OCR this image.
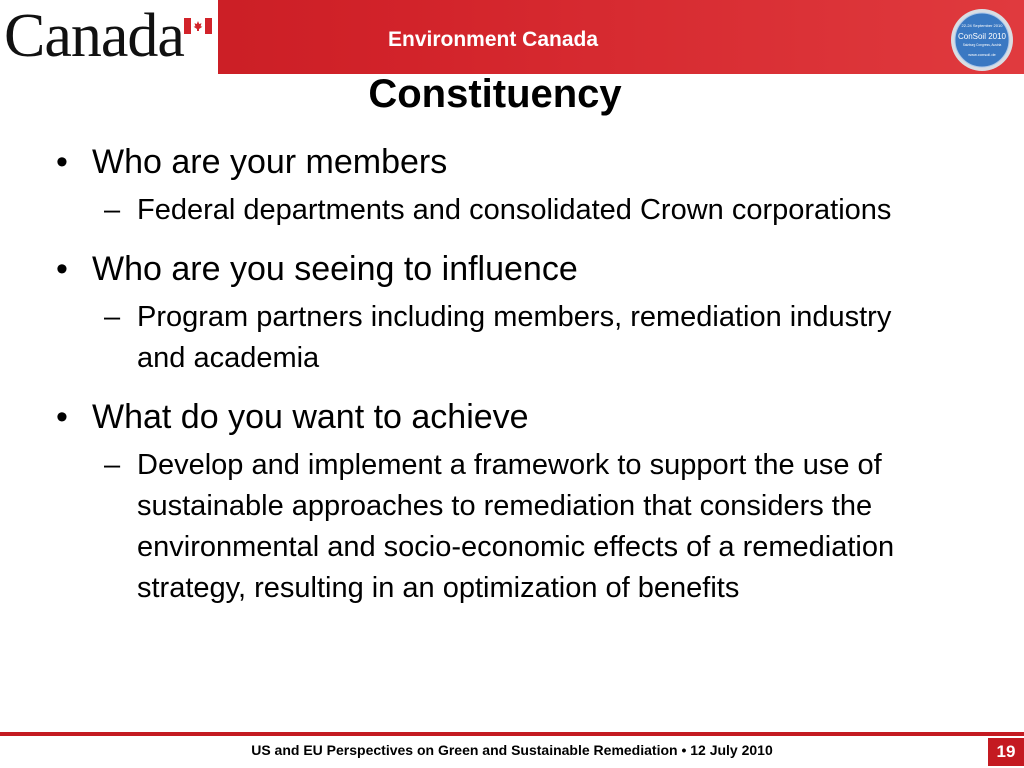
Canada	Environment Canada
22-24 September 2010
ConSoil 2010
Salzburg Congress, Austria
www.consoil.de
Constituency
• Who are your members
– Federal departments and consolidated Crown corporations
• Who are you seeing to influence
– Program partners including members, remediation industry and academia
• What do you want to achieve
– Develop and implement a framework to support the use of sustainable approaches to remediation that considers the environmental and socio-economic effects of a remediation strategy, resulting in an optimization of benefits
US and EU Perspectives on Green and Sustainable Remediation • 12 July 2010	19
